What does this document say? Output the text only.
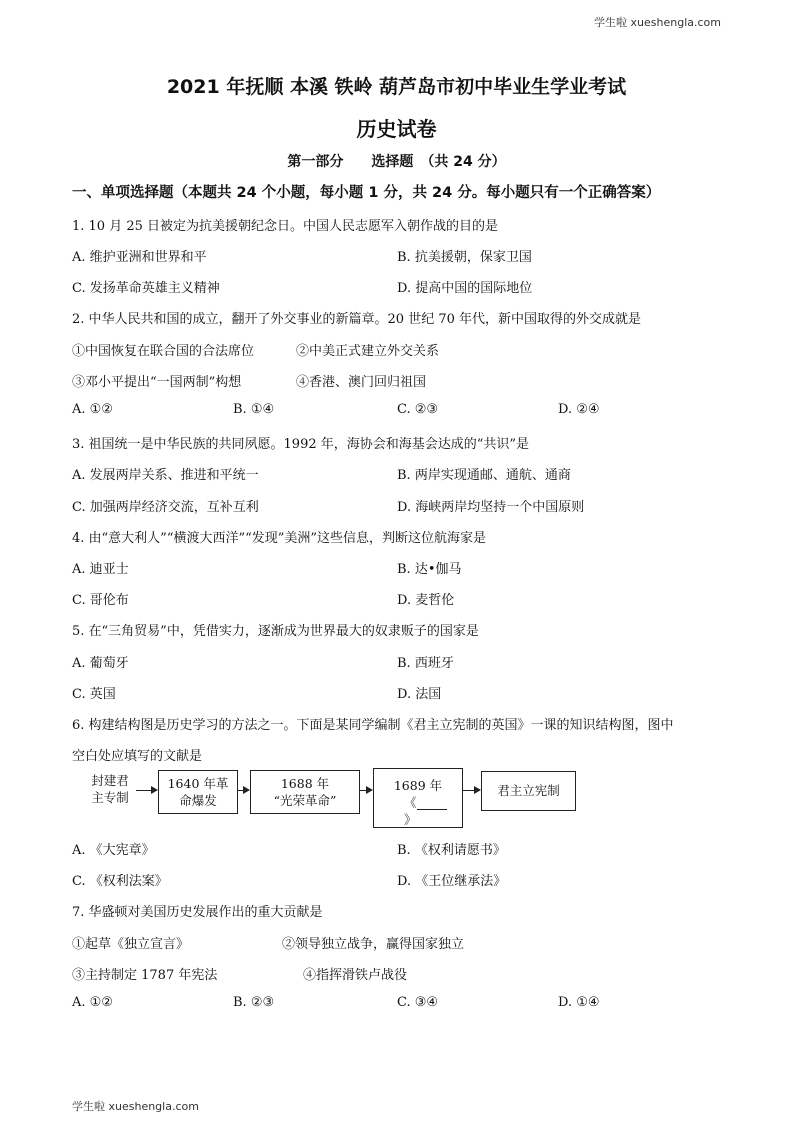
学生啦 xueshengla.com
学生啦 xueshengla.com
2021 年抚顺 本溪 铁岭 葫芦岛市初中毕业生学业考试
历史试卷
第一部分　　选择题　（共 24 分）
一、单项选择题（本题共 24 个小题，每小题 1 分，共 24 分。每小题只有一个正确答案）
1. 10 月 25 日被定为抗美援朝纪念日。中国人民志愿军入朝作战的目的是
A. 维护亚洲和世界和平	B. 抗美援朝，保家卫国
C. 发扬革命英雄主义精神	D. 提高中国的国际地位
2. 中华人民共和国的成立，翻开了外交事业的新篇章。20 世纪 70 年代，新中国取得的外交成就是
①中国恢复在联合国的合法席位	②中美正式建立外交关系
③邓小平提出“一国两制”构想	④香港、澳门回归祖国
A. ①②	B. ①④	C. ②③	D. ②④
3. 祖国统一是中华民族的共同夙愿。1992 年，海协会和海基会达成的“共识”是
A. 发展两岸关系、推进和平统一	B. 两岸实现通邮、通航、通商
C. 加强两岸经济交流，互补互利	D. 海峡两岸均坚持一个中国原则
4. 由“意大利人”“横渡大西洋”“发现”美洲”这些信息，判断这位航海家是
A. 迪亚士	B. 达•伽马
C. 哥伦布	D. 麦哲伦
5. 在“三角贸易”中，凭借实力，逐渐成为世界最大的奴隶贩子的国家是
A. 葡萄牙	B. 西班牙
C. 英国	D. 法国
6. 构建结构图是历史学习的方法之一。下面是某同学编制《君主立宪制的英国》一课的知识结构图，图中
空白处应填写的文献是
封建君
主专制
1640 年革
命爆发
1688 年
“光荣革命”
1689 年
《
》
君主立宪制
A. 《大宪章》	B. 《权利请愿书》
C. 《权利法案》	D. 《王位继承法》
7. 华盛顿对美国历史发展作出的重大贡献是
①起草《独立宣言》	②领导独立战争，赢得国家独立
③主持制定 1787 年宪法	④指挥滑铁卢战役
A. ①②	B. ②③	C. ③④	D. ①④
